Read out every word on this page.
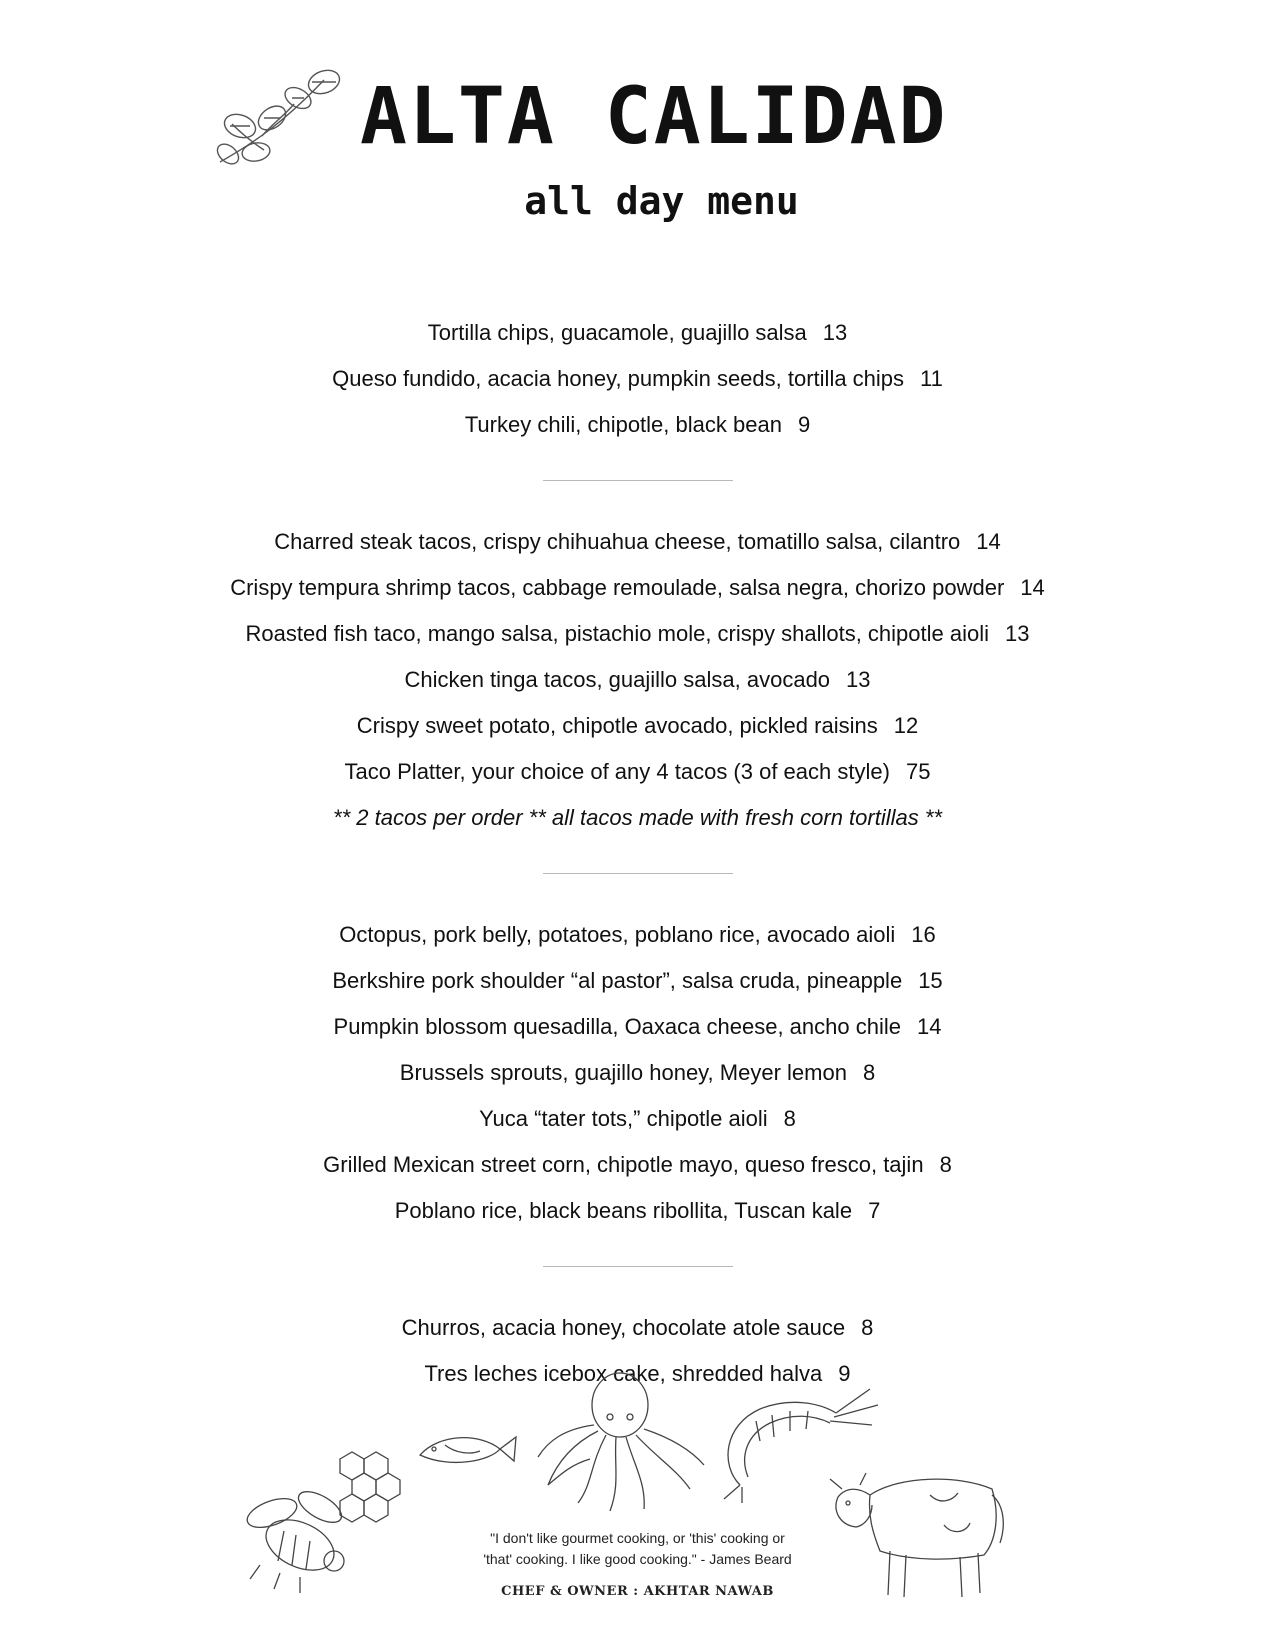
ALTA CALIDAD
all day menu
Tortilla chips, guacamole, guajillo salsa 13
Queso fundido, acacia honey, pumpkin seeds, tortilla chips 11
Turkey chili, chipotle, black bean 9
Charred steak tacos, crispy chihuahua cheese, tomatillo salsa, cilantro 14
Crispy tempura shrimp tacos, cabbage remoulade, salsa negra, chorizo powder 14
Roasted fish taco, mango salsa, pistachio mole, crispy shallots, chipotle aioli 13
Chicken tinga tacos, guajillo salsa, avocado 13
Crispy sweet potato, chipotle avocado, pickled raisins 12
Taco Platter, your choice of any 4 tacos (3 of each style) 75
** 2 tacos per order ** all tacos made with fresh corn tortillas **
Octopus, pork belly, potatoes, poblano rice, avocado aioli 16
Berkshire pork shoulder “al pastor”, salsa cruda, pineapple 15
Pumpkin blossom quesadilla, Oaxaca cheese, ancho chile 14
Brussels sprouts, guajillo honey, Meyer lemon 8
Yuca “tater tots,” chipotle aioli 8
Grilled Mexican street corn, chipotle mayo, queso fresco, tajin 8
Poblano rice, black beans ribollita, Tuscan kale 7
Churros, acacia honey, chocolate atole sauce 8
Tres leches icebox cake, shredded halva 9
"I don't like gourmet cooking, or 'this' cooking or
'that' cooking. I like good cooking." - James Beard
CHEF & OWNER : AKHTAR NAWAB
